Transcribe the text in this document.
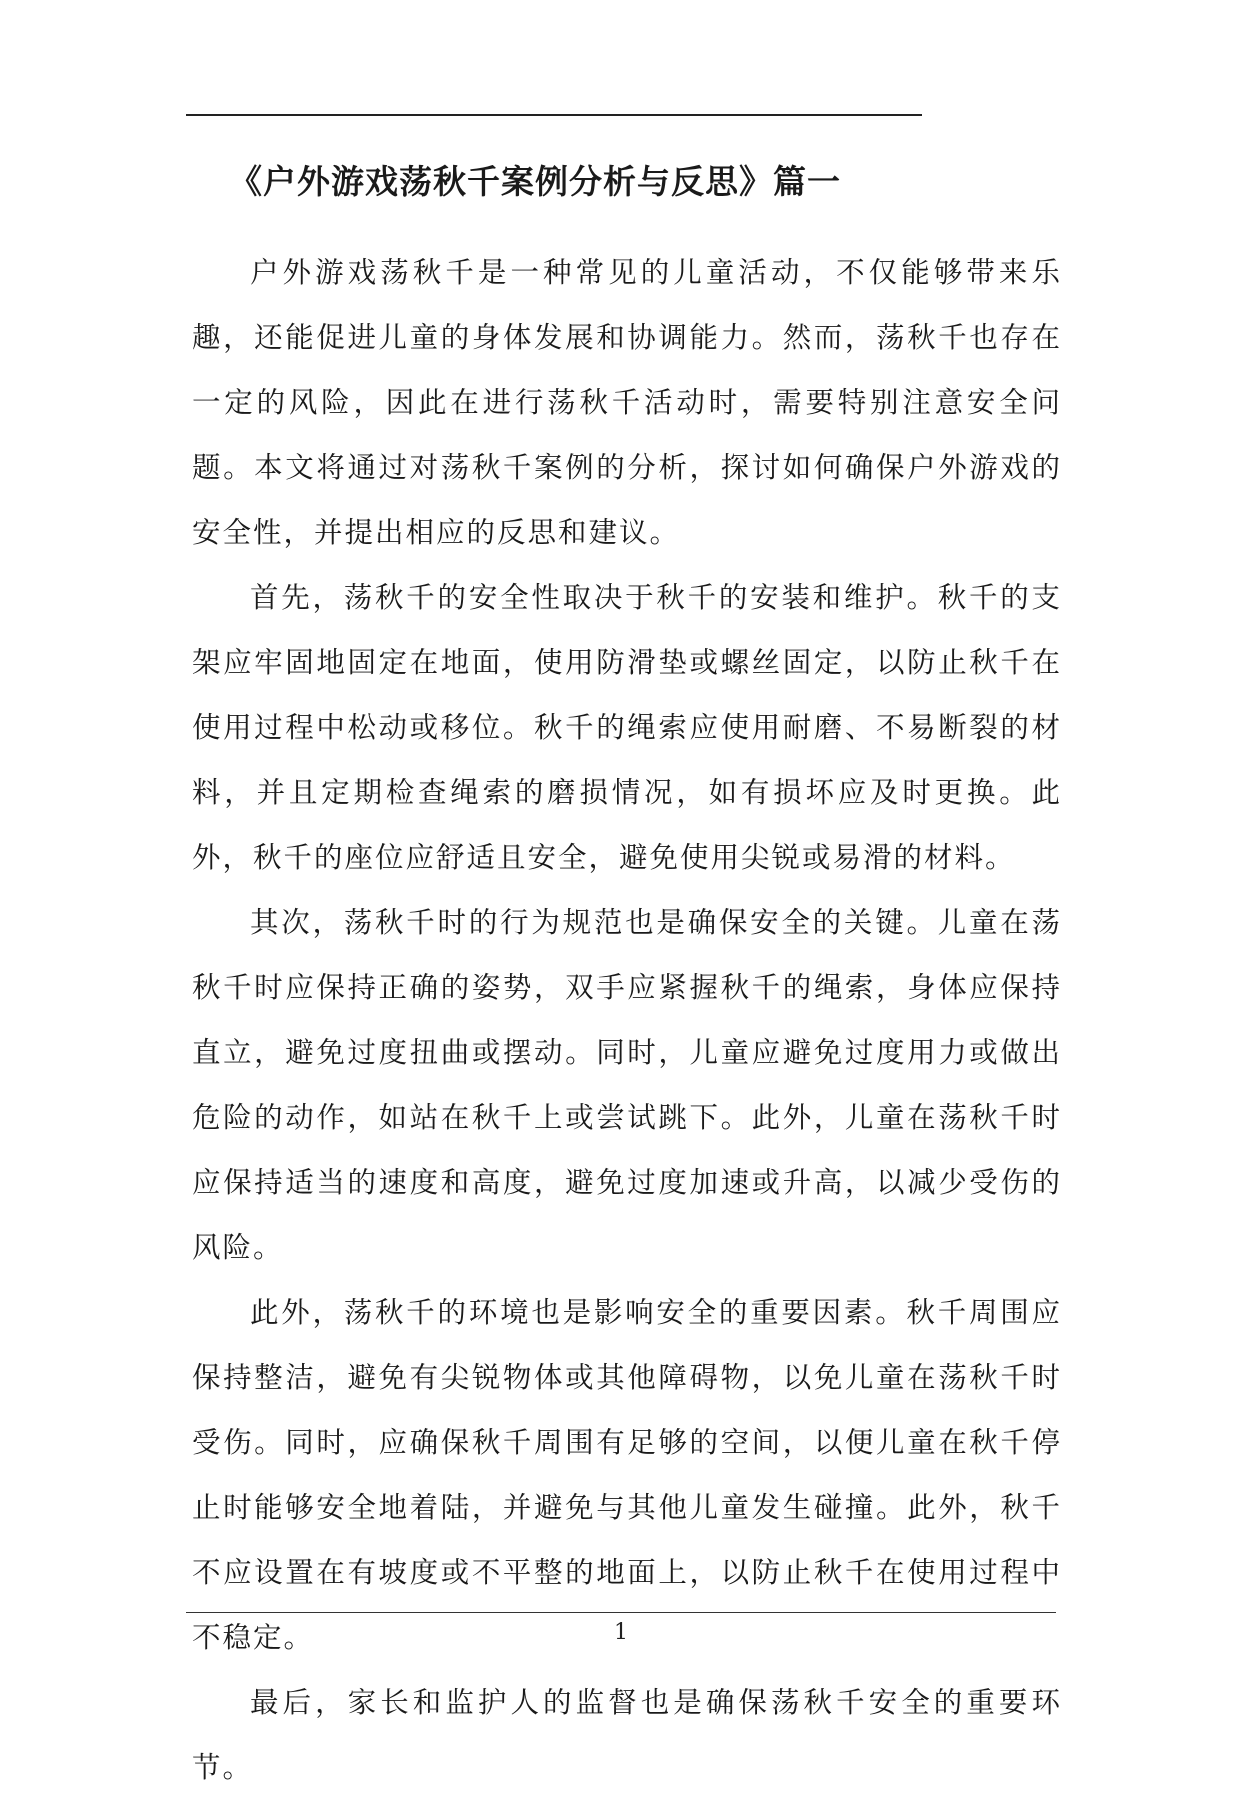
《户外游戏荡秋千案例分析与反思》篇一

户外游戏荡秋千是一种常见的儿童活动，不仅能够带来乐趣，还能促进儿童的身体发展和协调能力。然而，荡秋千也存在一定的风险，因此在进行荡秋千活动时，需要特别注意安全问题。本文将通过对荡秋千案例的分析，探讨如何确保户外游戏的安全性，并提出相应的反思和建议。

首先，荡秋千的安全性取决于秋千的安装和维护。秋千的支架应牢固地固定在地面，使用防滑垫或螺丝固定，以防止秋千在使用过程中松动或移位。秋千的绳索应使用耐磨、不易断裂的材料，并且定期检查绳索的磨损情况，如有损坏应及时更换。此外，秋千的座位应舒适且安全，避免使用尖锐或易滑的材料。

其次，荡秋千时的行为规范也是确保安全的关键。儿童在荡秋千时应保持正确的姿势，双手应紧握秋千的绳索，身体应保持直立，避免过度扭曲或摆动。同时，儿童应避免过度用力或做出危险的动作，如站在秋千上或尝试跳下。此外，儿童在荡秋千时应保持适当的速度和高度，避免过度加速或升高，以减少受伤的风险。

此外，荡秋千的环境也是影响安全的重要因素。秋千周围应保持整洁，避免有尖锐物体或其他障碍物，以免儿童在荡秋千时受伤。同时，应确保秋千周围有足够的空间，以便儿童在秋千停止时能够安全地着陆，并避免与其他儿童发生碰撞。此外，秋千不应设置在有坡度或不平整的地面上，以防止秋千在使用过程中不稳定。

最后，家长和监护人的监督也是确保荡秋千安全的重要环节。

1
